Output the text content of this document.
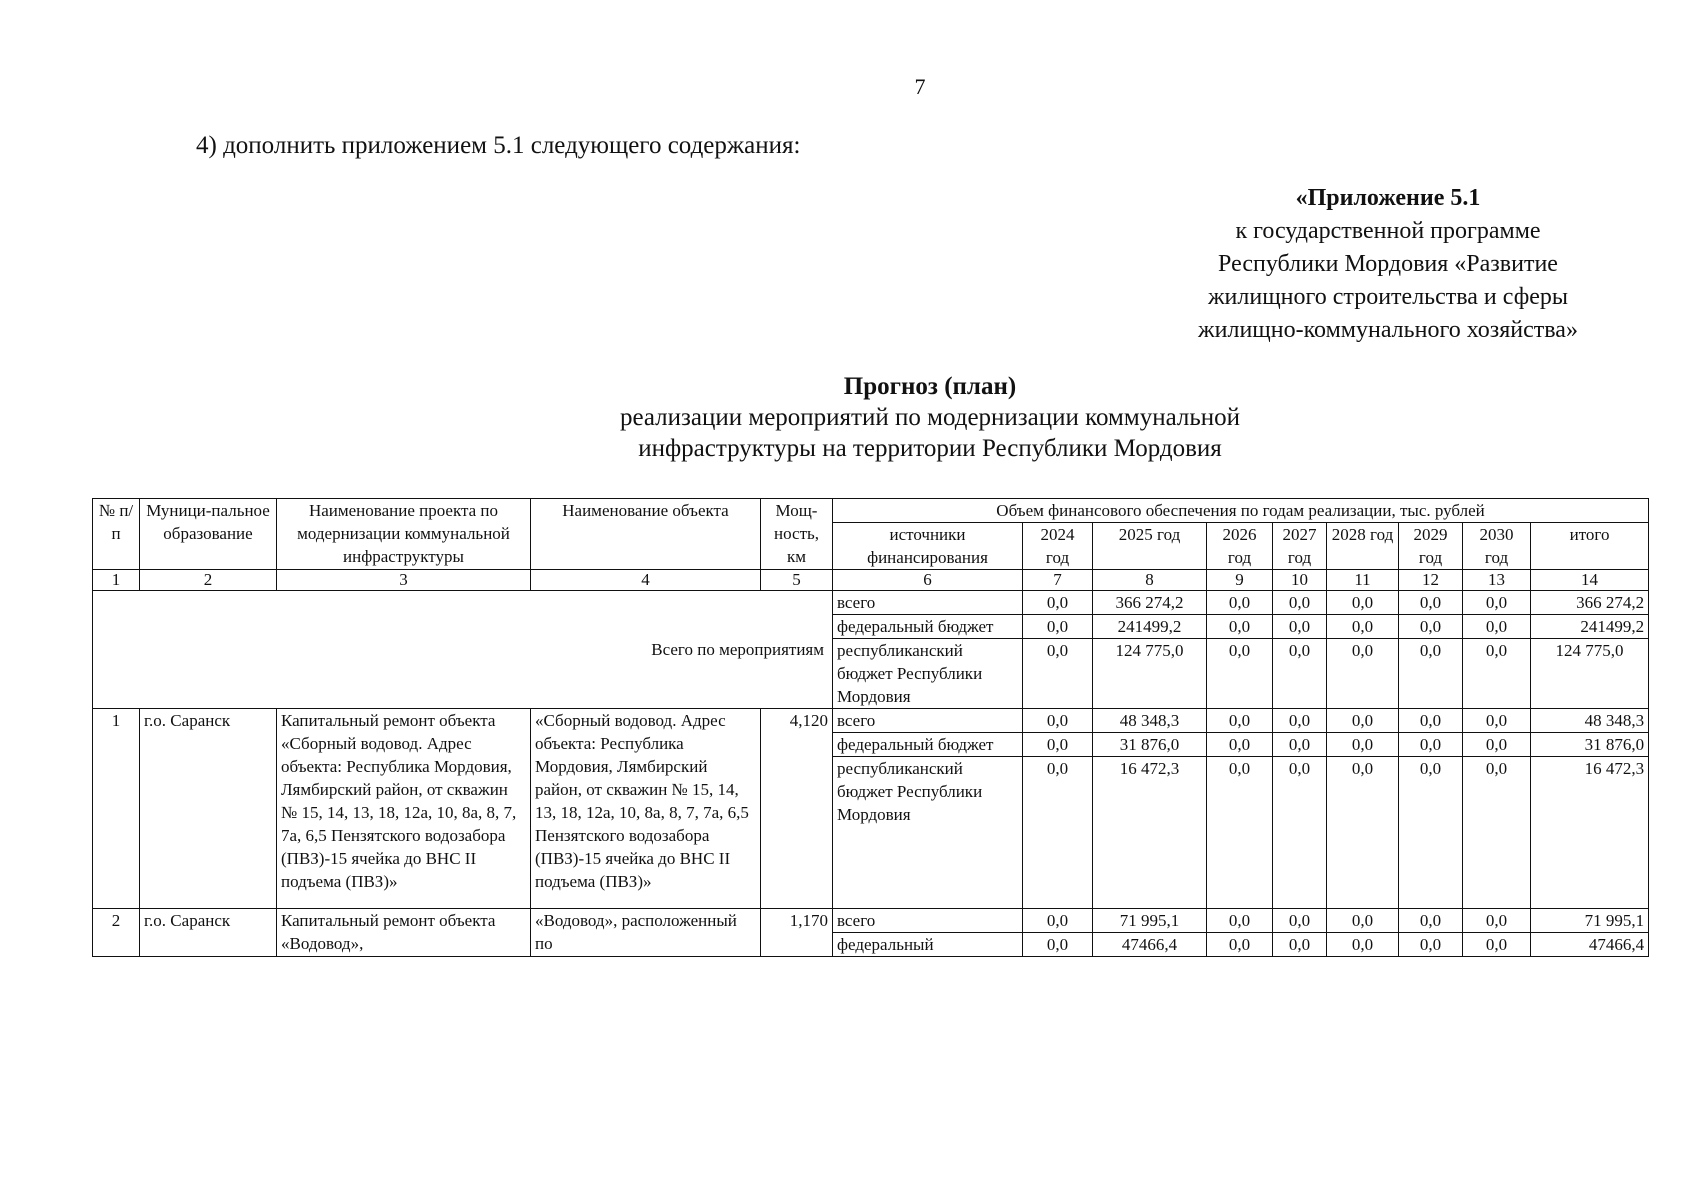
7
4) дополнить приложением 5.1 следующего содержания:
«Приложение 5.1
к государственной программе
Республики Мордовия «Развитие
жилищного строительства и сферы
жилищно-коммунального хозяйства»
Прогноз (план)
реализации мероприятий по модернизации коммунальной
инфраструктуры на территории Республики Мордовия
№ п/п	Муници-пальное образование	Наименование проекта по модернизации коммунальной инфраструктуры	Наименование объекта	Мощ-ность, км	Объем финансового обеспечения по годам реализации, тыс. рублей								
					источники финансирования	2024 год	2025 год	2026 год	2027 год	2028 год	2029 год	2030 год	итого
1	2	3	4	5	6	7	8	9	10	11	12	13	14
Всего по мероприятиям					всего	0,0	366 274,2	0,0	0,0	0,0	0,0	0,0	366 274,2
					федеральный бюджет	0,0	241499,2	0,0	0,0	0,0	0,0	0,0	241499,2
					республиканский бюджет Республики Мордовия	0,0	124 775,0	0,0	0,0	0,0	0,0	0,0	124 775,0
1	г.о. Саранск	Капитальный ремонт объекта «Сборный водовод. Адрес объекта: Республика Мордовия, Лямбирский район, от скважин № 15, 14, 13, 18, 12а, 10, 8а, 8, 7, 7а, 6,5 Пензятского водозабора (ПВЗ)-15 ячейка до ВНС II подъема (ПВЗ)»	«Сборный водовод. Адрес объекта: Республика Мордовия, Лямбирский район, от скважин № 15, 14, 13, 18, 12а, 10, 8а, 8, 7, 7а, 6,5 Пензятского водозабора (ПВЗ)-15 ячейка до ВНС II подъема (ПВЗ)»	4,120	всего	0,0	48 348,3	0,0	0,0	0,0	0,0	0,0	48 348,3
					федеральный бюджет	0,0	31 876,0	0,0	0,0	0,0	0,0	0,0	31 876,0
					республиканский бюджет Республики Мордовия	0,0	16 472,3	0,0	0,0	0,0	0,0	0,0	16 472,3
2	г.о. Саранск	Капитальный ремонт объекта «Водовод»,	«Водовод», расположенный по	1,170	всего	0,0	71 995,1	0,0	0,0	0,0	0,0	0,0	71 995,1
					федеральный	0,0	47466,4	0,0	0,0	0,0	0,0	0,0	47466,4
